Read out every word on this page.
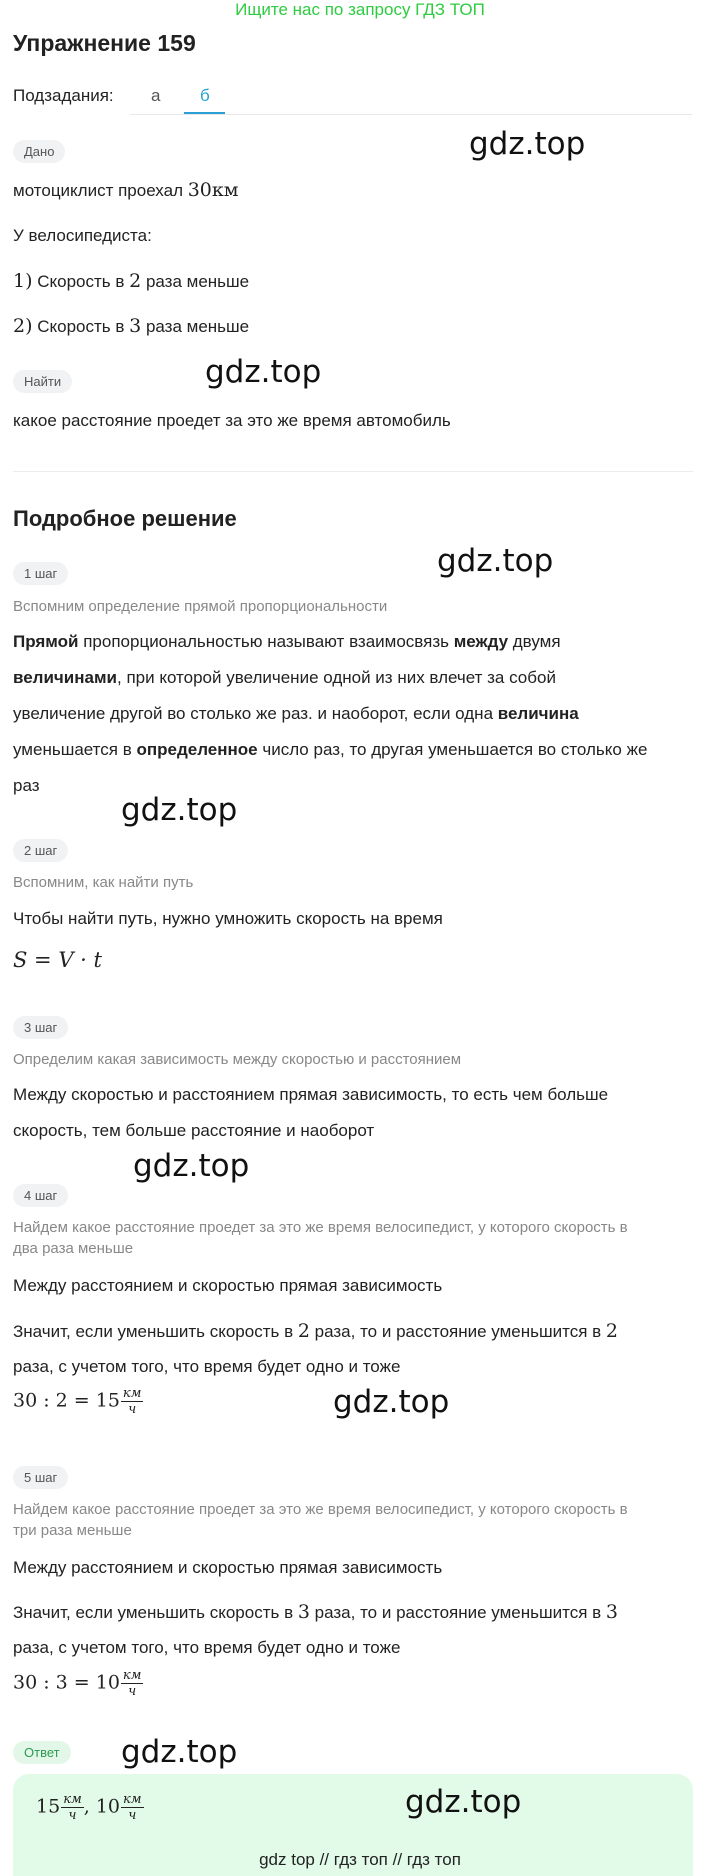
Ищите нас по запросу ГДЗ ТОП
Упражнение 159
Подзадания: а б
Дано	gdz.top
мотоциклист проехал 30км
У велосипедиста:
1) Скорость в 2 раза меньше
2) Скорость в 3 раза меньше
Найти	gdz.top
какое расстояние проедет за это же время автомобиль
Подробное решение
1 шаг	gdz.top
Вспомним определение прямой пропорциональности
Прямой пропорциональностью называют взаимосвязь между двумя
величинами, при которой увеличение одной из них влечет за собой
увеличение другой во столько же раз. и наоборот, если одна величина
уменьшается в определенное число раз, то другая уменьшается во столько же
раз
gdz.top
2 шаг
Вспомним, как найти путь
Чтобы найти путь, нужно умножить скорость на время
S = V · t
3 шаг
Определим какая зависимость между скоростью и расстоянием
Между скоростью и расстоянием прямая зависимость, то есть чем больше
скорость, тем больше расстояние и наоборот
gdz.top
4 шаг
Найдем какое расстояние проедет за это же время велосипедист, у которого скорость в
два раза меньше
Между расстоянием и скоростью прямая зависимость
Значит, если уменьшить скорость в 2 раза, то и расстояние уменьшится в 2
раза, с учетом того, что время будет одно и тоже
30 : $2 = 15 \frac{км}{ч}$	gdz.top
5 шаг
Найдем какое расстояние проедет за это же время велосипедист, у которого скорость в
три раза меньше
Между расстоянием и скоростью прямая зависимость
Значит, если уменьшить скорость в 3 раза, то и расстояние уменьшится в 3
раза, с учетом того, что время будет одно и тоже
30 : $3 = 10 \frac{км}{ч}$
Ответ	gdz.top
$15 \frac{км}{ч}$ , $10 \frac{км}{ч}$	gdz.top
gdz top // гдз топ // гдз топ
